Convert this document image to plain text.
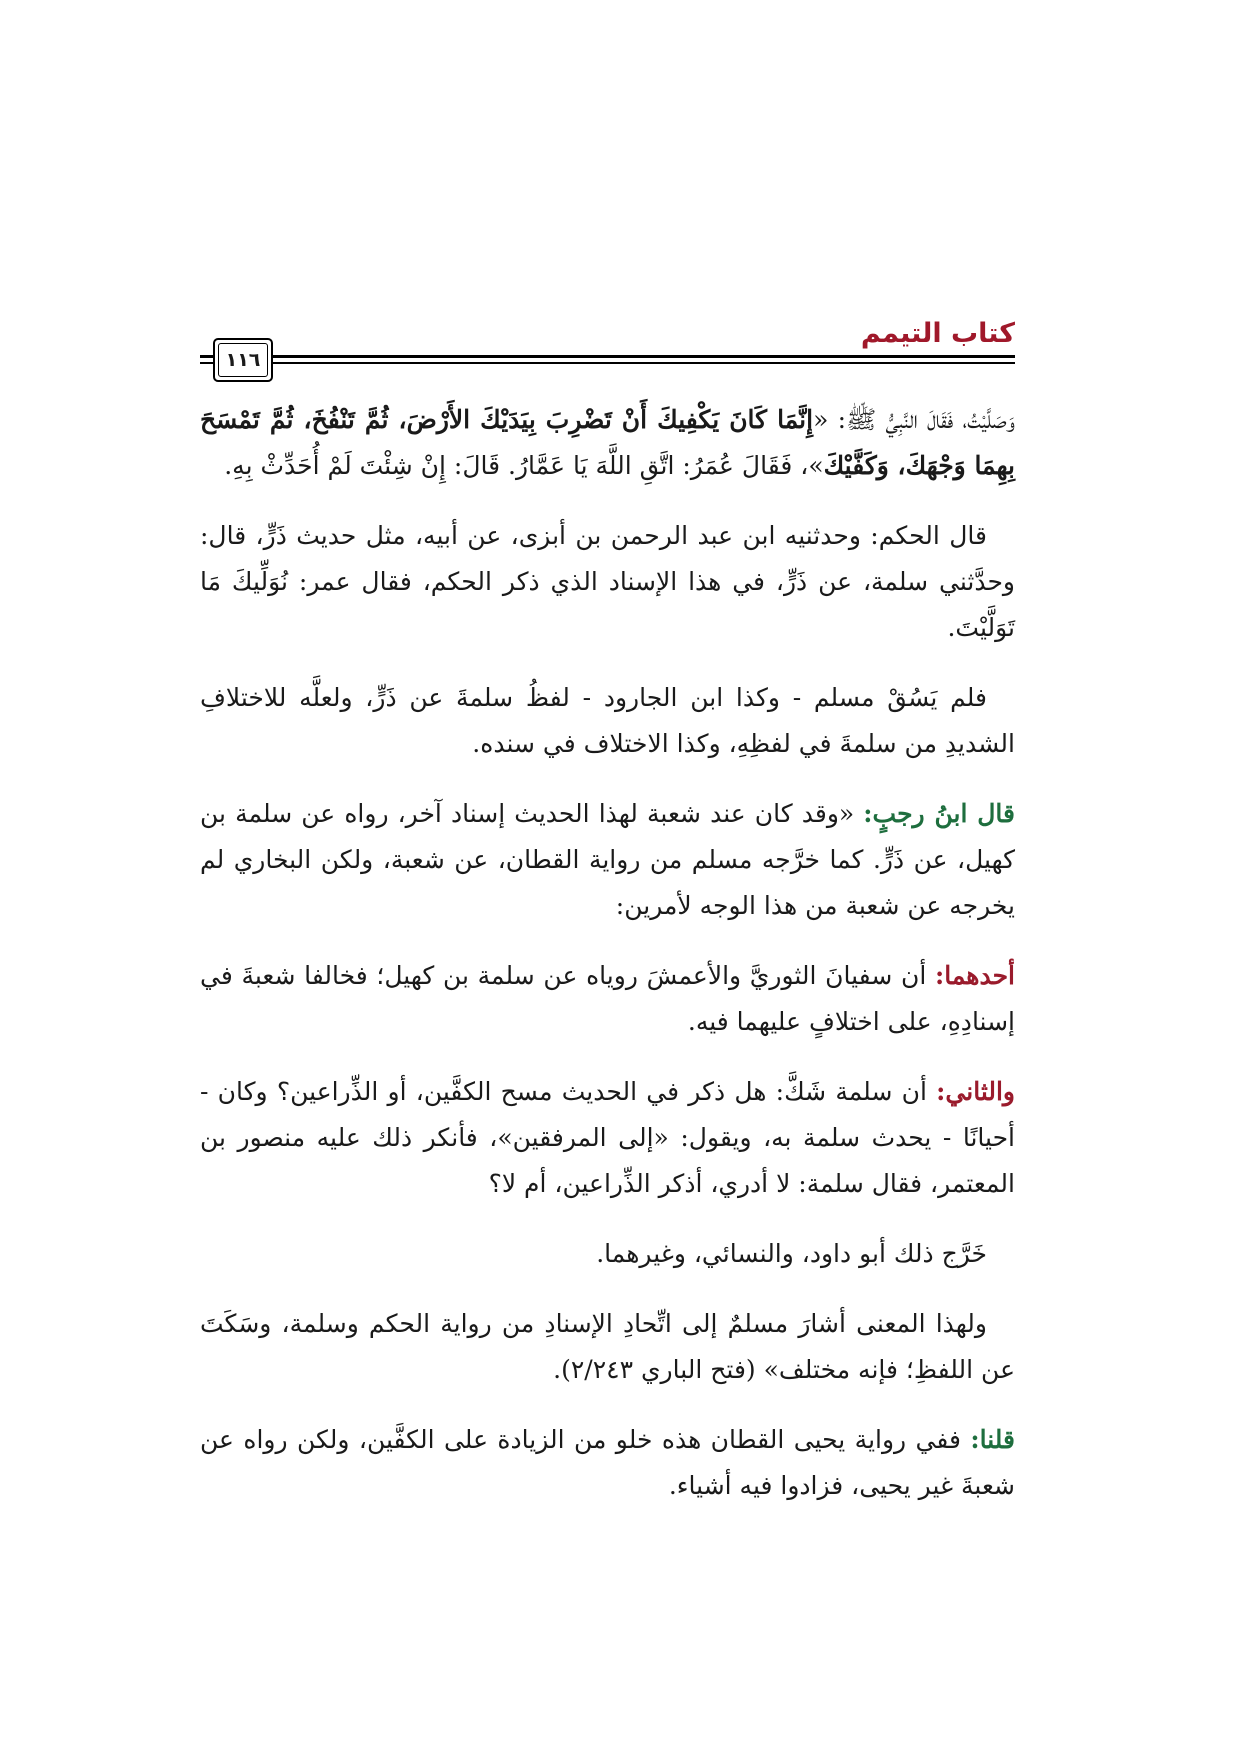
كتاب التيمم
١١٦

وَصَلَّيْتُ، فَقَالَ النَّبِيُّ ﷺ: «إِنَّمَا كَانَ يَكْفِيكَ أَنْ تَضْرِبَ بِيَدَيْكَ الأَرْضَ، ثُمَّ تَنْفُخَ، ثُمَّ تَمْسَحَ بِهِمَا وَجْهَكَ، وَكَفَّيْكَ»، فَقَالَ عُمَرُ: اتَّقِ اللَّهَ يَا عَمَّارُ. قَالَ: إِنْ شِئْتَ لَمْ أُحَدِّثْ بِهِ.

قال الحكم: وحدثنيه ابن عبد الرحمن بن أبزى، عن أبيه، مثل حديث ذَرٍّ، قال: وحدَّثني سلمة، عن ذَرٍّ، في هذا الإسناد الذي ذكر الحكم، فقال عمر: نُوَلِّيكَ مَا تَوَلَّيْتَ.

فلم يَسُقْ مسلم - وكذا ابن الجارود - لفظُ سلمةَ عن ذَرٍّ، ولعلَّه للاختلافِ الشديدِ من سلمةَ في لفظِهِ، وكذا الاختلاف في سنده.

قال ابنُ رجبٍ: «وقد كان عند شعبة لهذا الحديث إسناد آخر، رواه عن سلمة بن كهيل، عن ذَرٍّ. كما خرَّجه مسلم من رواية القطان، عن شعبة، ولكن البخاري لم يخرجه عن شعبة من هذا الوجه لأمرين:

أحدهما: أن سفيانَ الثوريَّ والأعمشَ روياه عن سلمة بن كهيل؛ فخالفا شعبةَ في إسنادِهِ، على اختلافٍ عليهما فيه.

والثاني: أن سلمة شَكَّ: هل ذكر في الحديث مسح الكفَّين، أو الذِّراعين؟ وكان - أحيانًا - يحدث سلمة به، ويقول: «إلى المرفقين»، فأنكر ذلك عليه منصور بن المعتمر، فقال سلمة: لا أدري، أذكر الذِّراعين، أم لا؟

خَرَّج ذلك أبو داود، والنسائي، وغيرهما.

ولهذا المعنى أشارَ مسلمٌ إلى اتِّحادِ الإسنادِ من رواية الحكم وسلمة، وسَكَتَ عن اللفظِ؛ فإنه مختلف» (فتح الباري ٢/٢٤٣).

قلنا: ففي رواية يحيى القطان هذه خلو من الزيادة على الكفَّين، ولكن رواه عن شعبةَ غير يحيى، فزادوا فيه أشياء.
